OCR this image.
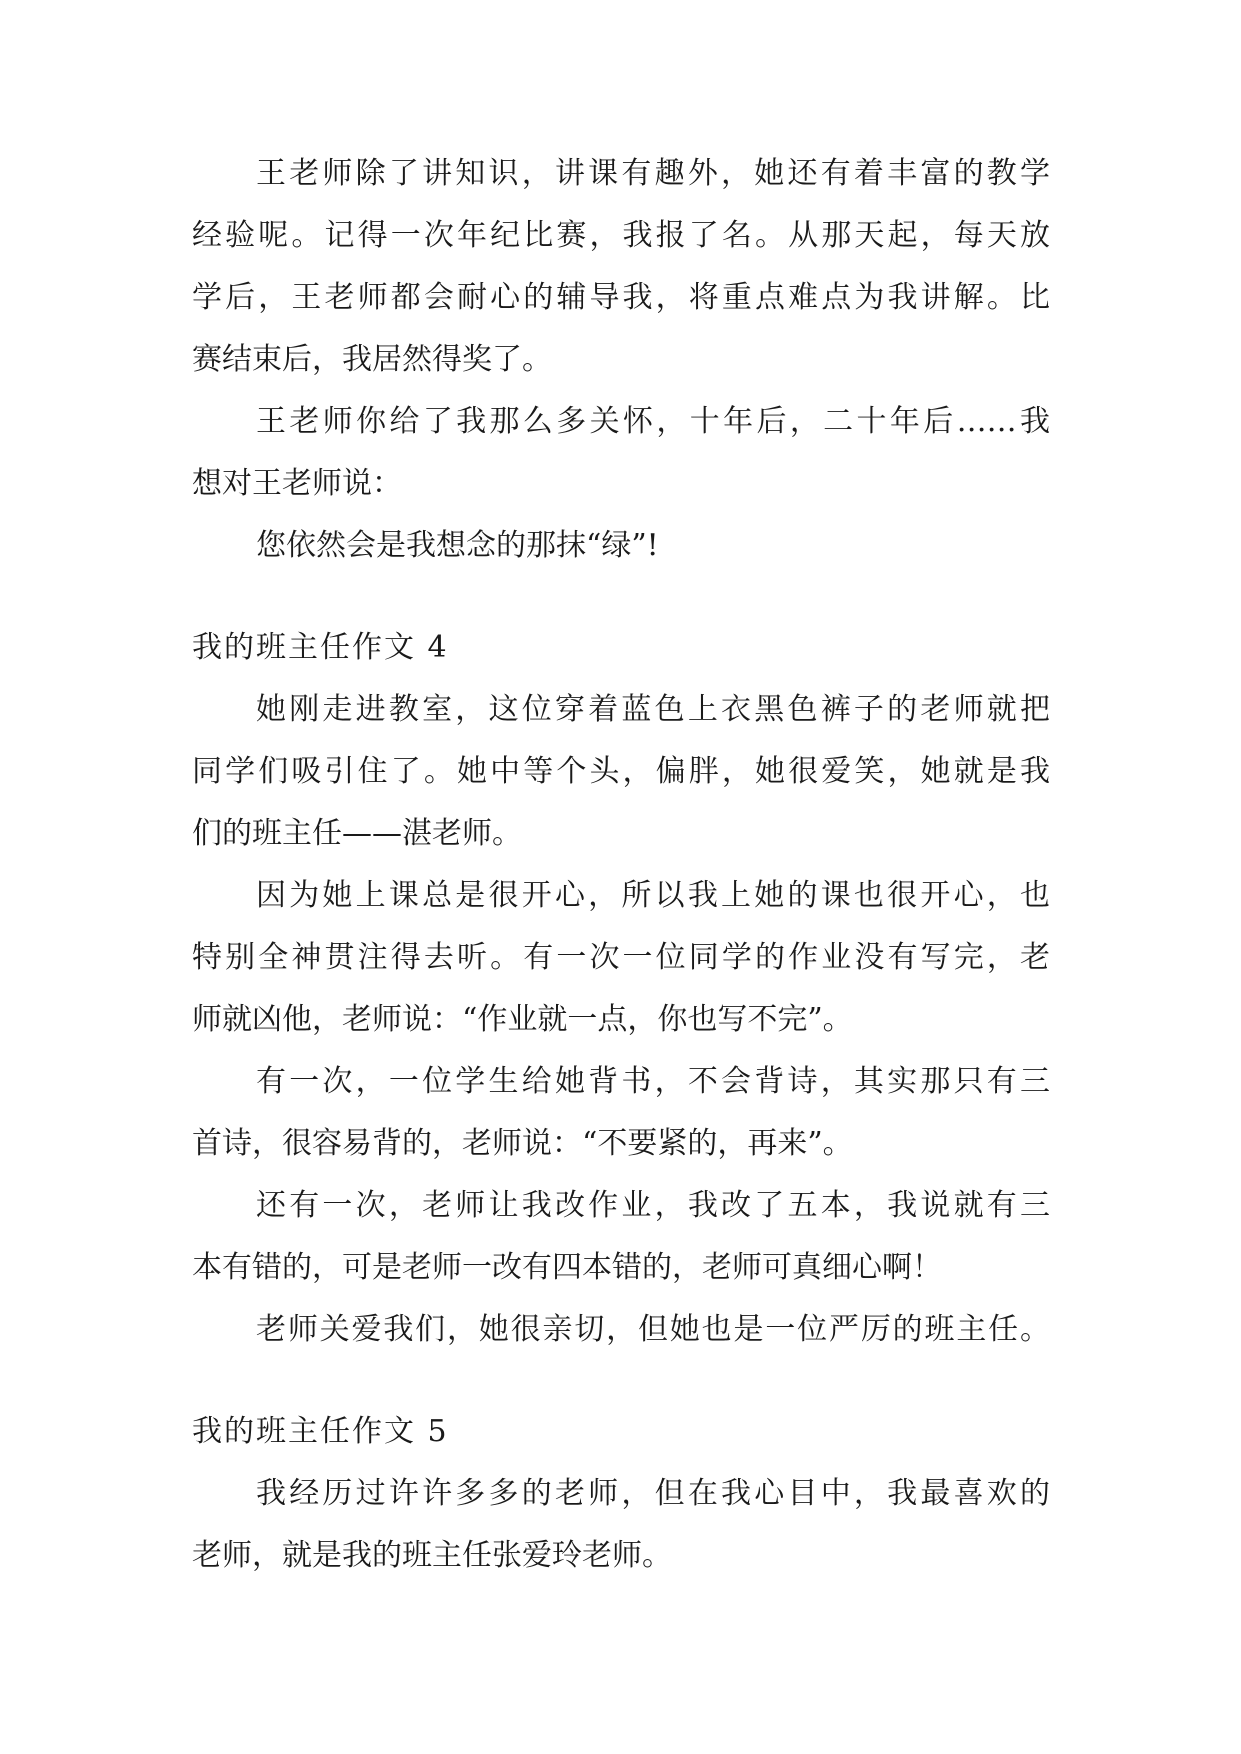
王老师除了讲知识，讲课有趣外，她还有着丰富的教学
经验呢。记得一次年纪比赛，我报了名。从那天起，每天放
学后，王老师都会耐心的辅导我，将重点难点为我讲解。比
赛结束后，我居然得奖了。
王老师你给了我那么多关怀，十年后，二十年后……我
想对王老师说：
您依然会是我想念的那抹“绿”!
我的班主任作文 4
她刚走进教室，这位穿着蓝色上衣黑色裤子的老师就把
同学们吸引住了。她中等个头，偏胖，她很爱笑，她就是我
们的班主任——湛老师。
因为她上课总是很开心，所以我上她的课也很开心，也
特别全神贯注得去听。有一次一位同学的作业没有写完，老
师就凶他，老师说：“作业就一点，你也写不完”。
有一次，一位学生给她背书，不会背诗，其实那只有三
首诗，很容易背的，老师说：“不要紧的，再来”。
还有一次，老师让我改作业，我改了五本，我说就有三
本有错的，可是老师一改有四本错的，老师可真细心啊！
老师关爱我们，她很亲切，但她也是一位严厉的班主任。
我的班主任作文 5
我经历过许许多多的老师，但在我心目中，我最喜欢的
老师，就是我的班主任张爱玲老师。
